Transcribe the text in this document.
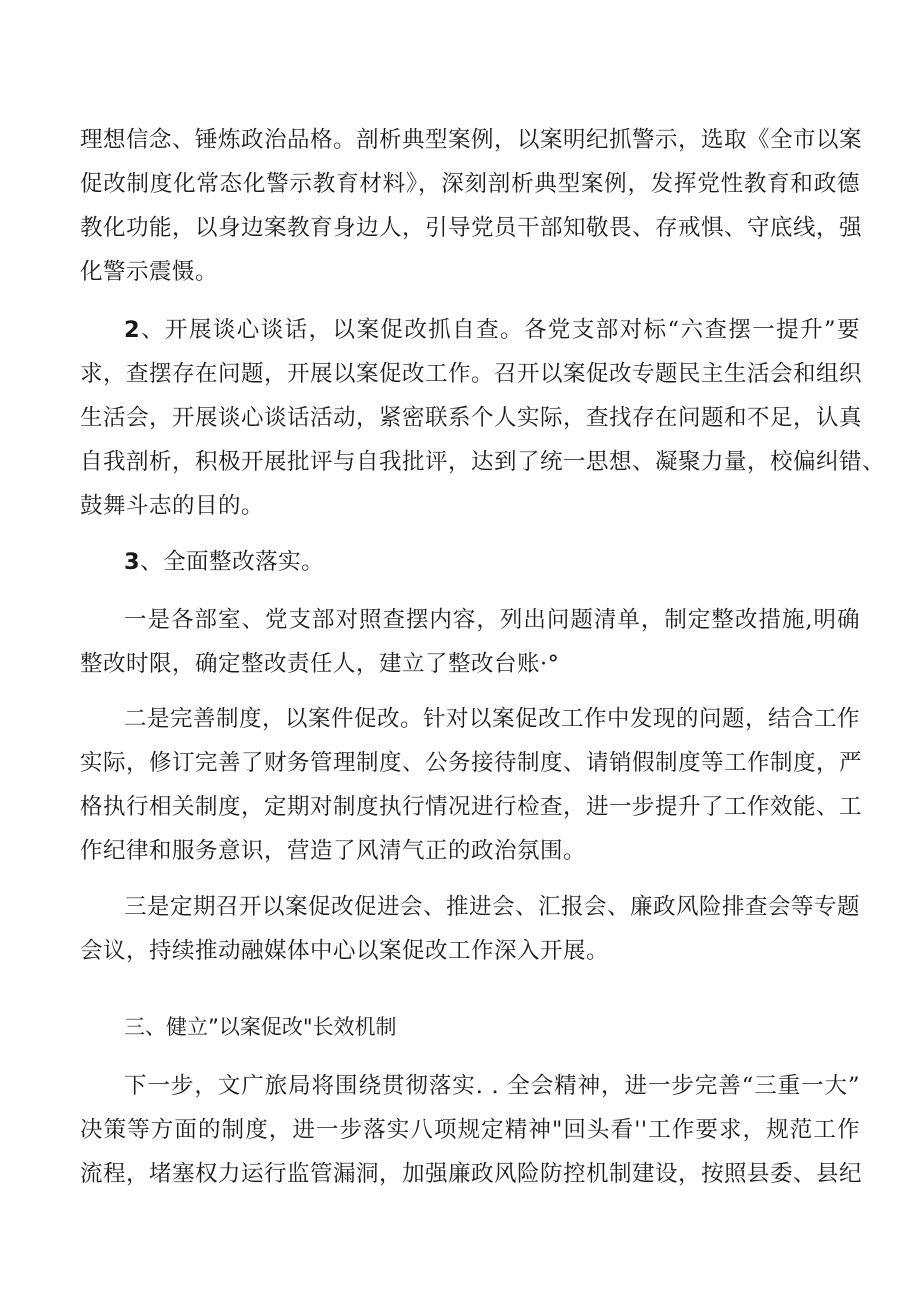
理想信念、锤炼政治品格。剖析典型案例，以案明纪抓警示，选取《全市以案
促改制度化常态化警示教育材料》，深刻剖析典型案例，发挥党性教育和政德
教化功能，以身边案教育身边人，引导党员干部知敬畏、存戒惧、守底线，强
化警示震慑。
2、开展谈心谈话，以案促改抓自查。各党支部对标“六查摆一提升”要
求，查摆存在问题，开展以案促改工作。召开以案促改专题民主生活会和组织
生活会，开展谈心谈话活动，紧密联系个人实际，查找存在问题和不足，认真
自我剖析，积极开展批评与自我批评，达到了统一思想、凝聚力量，校偏纠错、
鼓舞斗志的目的。
3、全面整改落实。
一是各部室、党支部对照查摆内容，列出问题清单，制定整改措施,明确
整改时限，确定整改责任人，建立了整改台账·°
二是完善制度，以案件促改。针对以案促改工作中发现的问题，结合工作
实际，修订完善了财务管理制度、公务接待制度、请销假制度等工作制度，严
格执行相关制度，定期对制度执行情况进行检查，进一步提升了工作效能、工
作纪律和服务意识，营造了风清气正的政治氛围。
三是定期召开以案促改促进会、推进会、汇报会、廉政风险排查会等专题
会议，持续推动融媒体中心以案促改工作深入开展。
三、健立”以案促改"长效机制
下一步，文广旅局将围绕贯彻落实. . 全会精神，进一步完善“三重一大”
决策等方面的制度，进一步落实八项规定精神"回头看''工作要求，规范工作
流程，堵塞权力运行监管漏洞，加强廉政风险防控机制建设，按照县委、县纪
